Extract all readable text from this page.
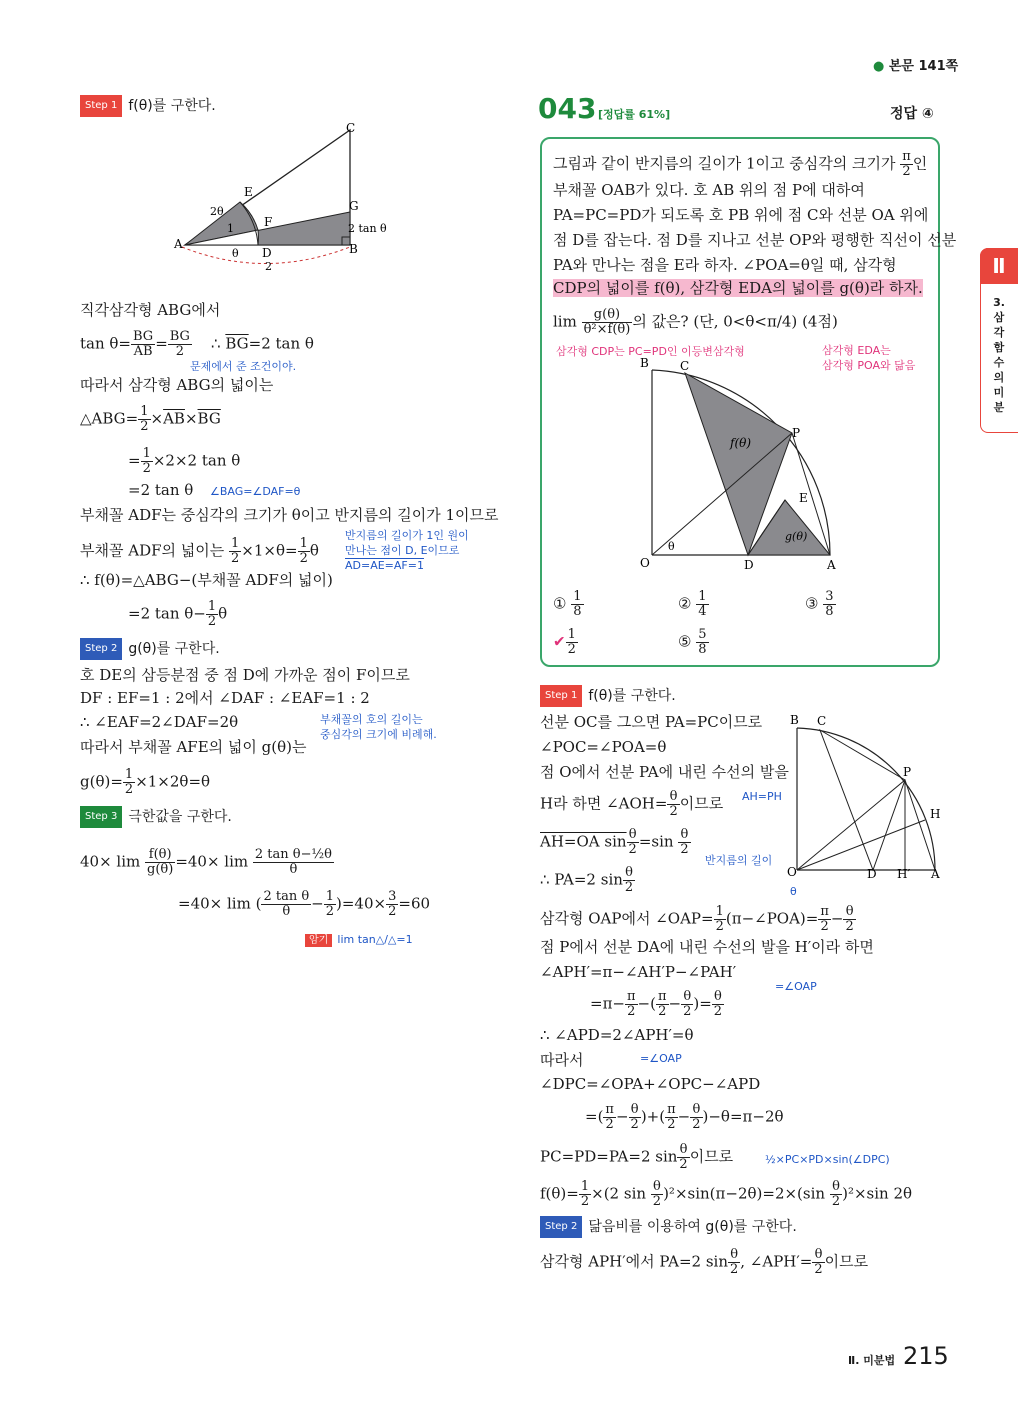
● 본문 141쪽
Ⅱ
3.
삼
각
함
수
의
미
분
Step 1 f(θ)를 구한다.
C
E
F
G
A
D	B
2θ
1
θ
2
2 tan θ
직각삼각형 ABG에서
$\tan \theta= \frac{BG}{AB} = \frac{BG}{2}$ ∴ $\overline{BG}=2$ tan θ
문제에서 준 조건이야.
따라서 삼각형 ABG의 넓이는
△ABG= $\frac{1}{2} \times\overline{AB}\times\overline{BG}$
= $\frac{1}{2} \times 2\times 2$ tan θ
=2 tan θ ∠BAG=∠DAF=θ
부채꼴 ADF는 중심각의 크기가 θ이고 반지름의 길이가 1이므로
부채꼴 ADF의 넓이는 $\frac{1}{2} \times 1\times\theta= \frac{1}{2}$ θ
반지름의 길이가 1인 원이
만나는 점이 D, E이므로
AD=AE=AF=1
∴ f(θ)=△ABG−(부채꼴 ADF의 넓이)
=2 $\tan \theta- \frac{1}{2}$ θ
Step 2 g(θ)를 구한다.
호 DE의 삼등분점 중 점 D에 가까운 점이 F이므로
DF : EF=1 : 2에서 ∠DAF : ∠EAF=1 : 2
∴ ∠EAF=2∠DAF=2θ	부채꼴의 호의 길이는
중심각의 크기에 비례해.
따라서 부채꼴 AFE의 넓이 g(θ)는
$g(\theta)= \frac{1}{2} \times 1\times 2\theta=\theta$
Step 3 극한값을 구한다.
$40\times \lim \frac{f(\theta)}{g(\theta)} =40\times \lim \frac{\text{2 tan θ−½θ}}{\theta}$
=40× lim ( $\frac{\text{2 tan θ}}{\theta} - \frac{1}{2} )=40\times \frac{3}{2} =60$
암기 lim tan△/△=1
043 [정답률 61%]	정답 ④
그림과 같이 반지름의 길이가 1이고 중심각의 크기가 $\frac{\pi}{2}$ 인
부채꼴 OAB가 있다. 호 AB 위의 점 P에 대하여
PA=PC=PD가 되도록 호 PB 위에 점 C와 선분 OA 위에
점 D를 잡는다. 점 D를 지나고 선분 OP와 평행한 직선이 선분
PA와 만나는 점을 E라 하자. ∠POA=θ일 때, 삼각형
CDP의 넓이를 f(θ), 삼각형 EDA의 넓이를 g(θ)라 하자.
$\lim \frac{g(\theta)}{\text{θ²×f(θ)}}$ 의 값은? (단, 0<θ<π/4) (4점)
삼각형 CDP는 PC=PD인 이등변삼각형	삼각형 EDA는
삼각형 POA와 닮음
B	C
P
E
O	D	A
f(θ)
g(θ)
θ
① $\frac{1}{8}$	② $\frac{1}{4}$	③ $\frac{3}{8}$
✔ $\frac{1}{2}$	⑤ $\frac{5}{8}$
Step 1 f(θ)를 구한다.
선분 OC를 그으면 PA=PC이므로
∠POC=∠POA=θ
점 O에서 선분 PA에 내린 수선의 발을
H라 하면 ∠AOH= $\frac{\theta}{2}$ 이므로 AH=PH
B C
P
H
O	D H′ A
AH=OA $\sin \frac{\theta}{2} =\sin \frac{\theta}{2}$
반지름의 길이
∴ PA=2 $\sin \frac{\theta}{2}$	θ
삼각형 OAP에서 ∠OAP= $\frac{1}{2}$ (π−∠POA)= $\frac{\pi}{2} - \frac{\theta}{2}$
점 P에서 선분 DA에 내린 수선의 발을 H′이라 하면
∠APH′=π−∠AH′P−∠PAH′
=∠OAP
$=\pi- \frac{\pi}{2}$ −( $\frac{\pi}{2} - \frac{\theta}{2}$ )= $\frac{\theta}{2}$
∴ ∠APD=2∠APH′=θ
따라서	=∠OAP
∠DPC=∠OPA+∠OPC−∠APD
=( $\frac{\pi}{2} - \frac{\theta}{2}$ )+( $\frac{\pi}{2} - \frac{\theta}{2} )-\theta=\pi-2\theta$
PC=PD=PA=2 $\sin \frac{\theta}{2}$ 이므로	½×PC×PD×sin(∠DPC)
$f(\theta)= \frac{1}{2} \times(2$ $\sin \frac{\theta}{2} )^2\times\sin(\pi-2\theta)=2\times(\sin \frac{\theta}{2} )^2\times\sin$ 2θ
Step 2 닮음비를 이용하여 g(θ)를 구한다.
삼각형 APH′에서 PA=2 $\sin \frac{\theta}{2}$ , ∠APH′= $\frac{\theta}{2}$ 이므로
Ⅱ. 미분법 215
